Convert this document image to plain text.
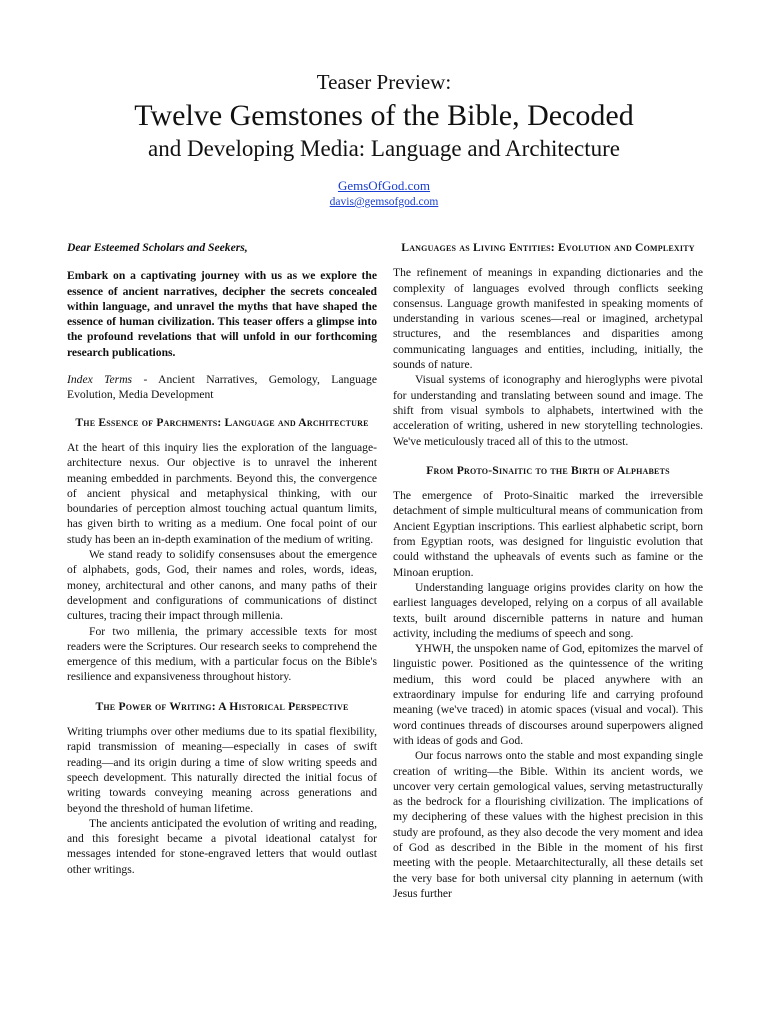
Teaser Preview:
Twelve Gemstones of the Bible, Decoded
and Developing Media: Language and Architecture
GemsOfGod.com
davis@gemsofgod.com

Dear Esteemed Scholars and Seekers,

Embark on a captivating journey with us as we explore the essence of ancient narratives, decipher the secrets concealed within language, and unravel the myths that have shaped the essence of human civilization. This teaser offers a glimpse into the profound revelations that will unfold in our forthcoming research publications.

Index Terms - Ancient Narratives, Gemology, Language Evolution, Media Development

The Essence of Parchments: Language and Architecture

At the heart of this inquiry lies the exploration of the language-architecture nexus. Our objective is to unravel the inherent meaning embedded in parchments. Beyond this, the convergence of ancient physical and metaphysical thinking, with our boundaries of perception almost touching actual quantum limits, has given birth to writing as a medium. One focal point of our study has been an in-depth examination of the medium of writing.

We stand ready to solidify consensuses about the emergence of alphabets, gods, God, their names and roles, words, ideas, money, architectural and other canons, and many paths of their development and configurations of communications of distinct cultures, tracing their impact through millenia.

For two millenia, the primary accessible texts for most readers were the Scriptures. Our research seeks to comprehend the emergence of this medium, with a particular focus on the Bible's resilience and expansiveness throughout history.

The Power of Writing: A Historical Perspective

Writing triumphs over other mediums due to its spatial flexibility, rapid transmission of meaning—especially in cases of swift reading—and its origin during a time of slow writing speeds and speech development. This naturally directed the initial focus of writing towards conveying meaning across generations and beyond the threshold of human lifetime.

The ancients anticipated the evolution of writing and reading, and this foresight became a pivotal ideational catalyst for messages intended for stone-engraved letters that would outlast other writings.

Languages as Living Entities: Evolution and Complexity

The refinement of meanings in expanding dictionaries and the complexity of languages evolved through conflicts seeking consensus. Language growth manifested in speaking moments of understanding in various scenes—real or imagined, archetypal structures, and the resemblances and disparities among communicating languages and entities, including, initially, the sounds of nature.

Visual systems of iconography and hieroglyphs were pivotal for understanding and translating between sound and image. The shift from visual symbols to alphabets, intertwined with the acceleration of writing, ushered in new storytelling technologies. We've meticulously traced all of this to the utmost.

From Proto-Sinaitic to the Birth of Alphabets

The emergence of Proto-Sinaitic marked the irreversible detachment of simple multicultural means of communication from Ancient Egyptian inscriptions. This earliest alphabetic script, born from Egyptian roots, was designed for linguistic evolution that could withstand the upheavals of events such as famine or the Minoan eruption.

Understanding language origins provides clarity on how the earliest languages developed, relying on a corpus of all available texts, built around discernible patterns in nature and human activity, including the mediums of speech and song.

YHWH, the unspoken name of God, epitomizes the marvel of linguistic power. Positioned as the quintessence of the writing medium, this word could be placed anywhere with an extraordinary impulse for enduring life and carrying profound meaning (we've traced) in atomic spaces (visual and vocal). This word continues threads of discourses around superpowers aligned with ideas of gods and God.

Our focus narrows onto the stable and most expanding single creation of writing—the Bible. Within its ancient words, we uncover very certain gemological values, serving metastructurally as the bedrock for a flourishing civilization. The implications of my deciphering of these values with the highest precision in this study are profound, as they also decode the very moment and idea of God as described in the Bible in the moment of his first meeting with the people. Metaarchitecturally, all these details set the very base for both universal city planning in aeternum (with Jesus further
